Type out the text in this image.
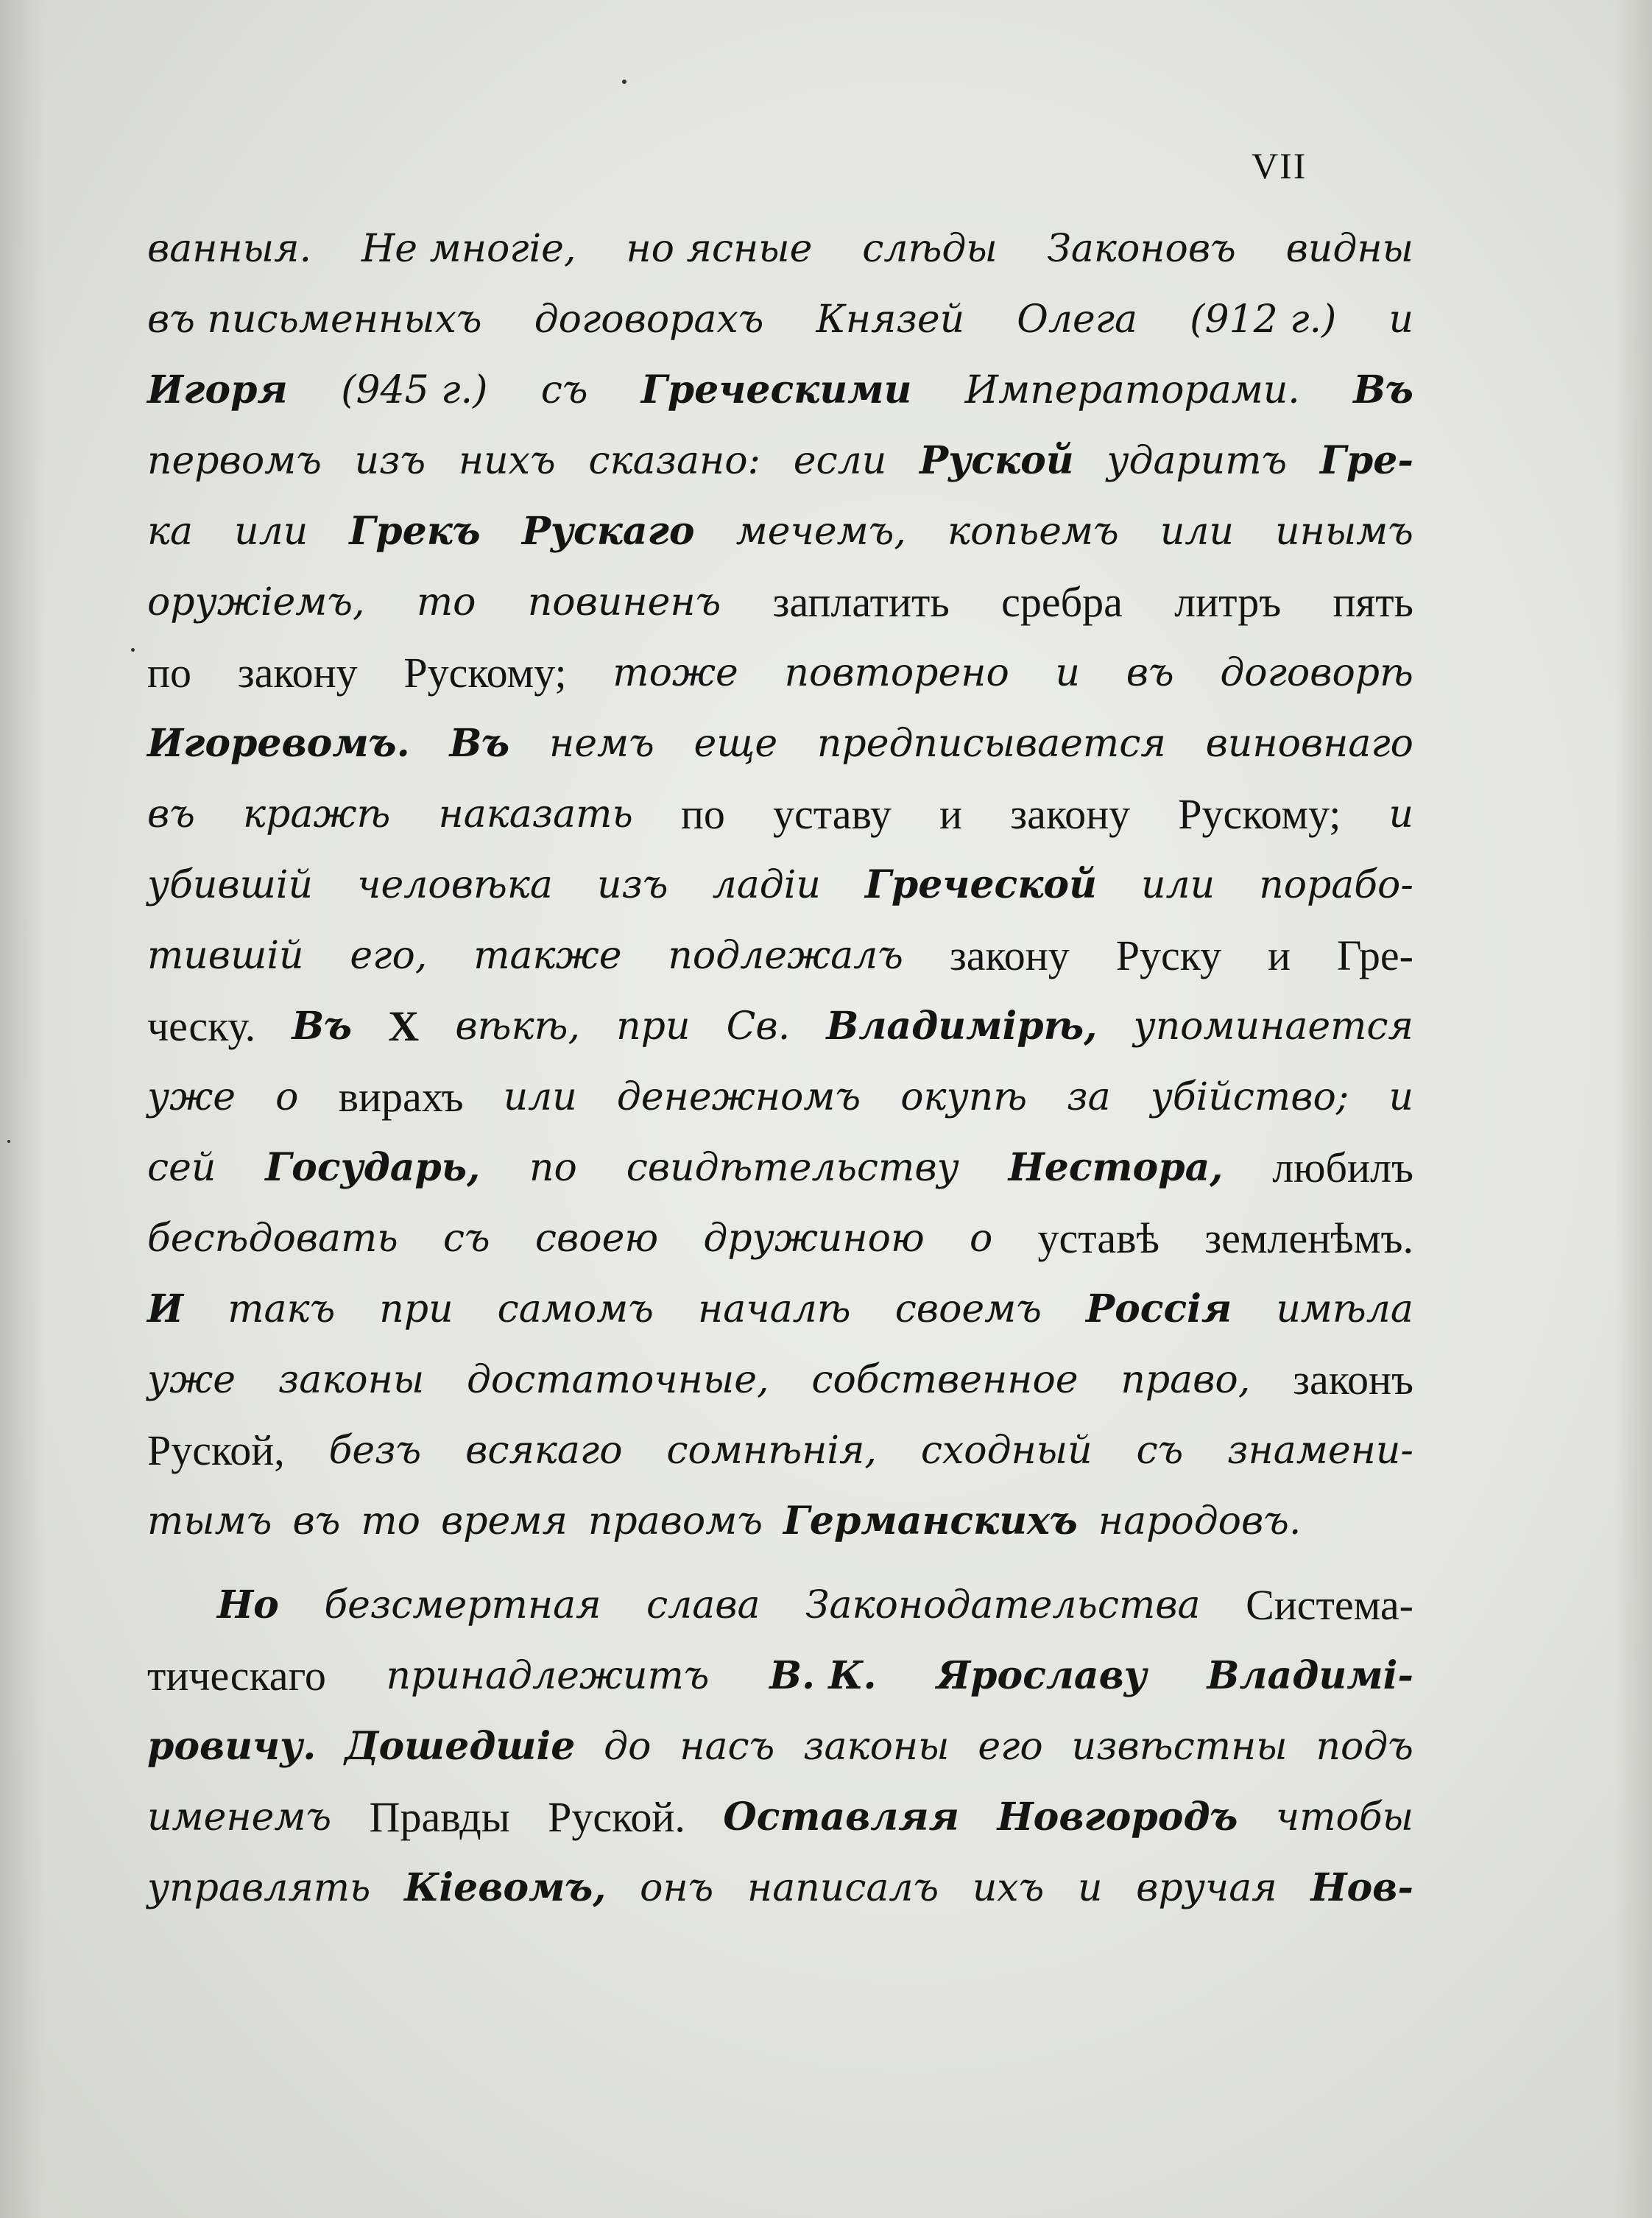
VII
ванныя. Не многiе, но ясные слѣды Законовъ видны
въ письменныхъ договорахъ Князей Олега (912 г.) и
Игоря (945 г.) съ Греческими Императорами. Въ
первомъ изъ нихъ сказано: если Руской ударитъ Гре-
ка или Грекъ Рускаго мечемъ, копьемъ или инымъ
оружiемъ, то повиненъ заплатить сребра литръ пять
по закону Рускому; тоже повторено и въ договорѣ
Игоревомъ. Въ немъ еще предписывается виновнаго
въ кражѣ наказать по уставу и закону Рускому; и
убившiй человѣка изъ ладiи Греческой или порабо-
тившiй его, также подлежалъ закону Руску и Гре-
ческу. Въ X вѣкѣ, при Св. Владимiрѣ, упоминается
уже о вирахъ или денежномъ окупѣ за убiйство; и
сей Государь, по свидѣтельству Нестора, любилъ
бесѣдовать съ своею дружиною о уставѣ земленѣмъ.
И такъ при самомъ началѣ своемъ Россiя имѣла
уже законы достаточные, собственное право, законъ
Руской, безъ всякаго сомнѣнiя, сходный съ знамени-
тымъ въ то время правомъ Германскихъ народовъ.
Но безсмертная слава Законодательства Система-
тическаго принадлежитъ В. К. Ярославу Владимi-
ровичу. Дошедшiе до насъ законы его извѣстны подъ
именемъ Правды Руской. Оставляя Новгородъ чтобы
управлять Кiевомъ, онъ написалъ ихъ и вручая Нов-
